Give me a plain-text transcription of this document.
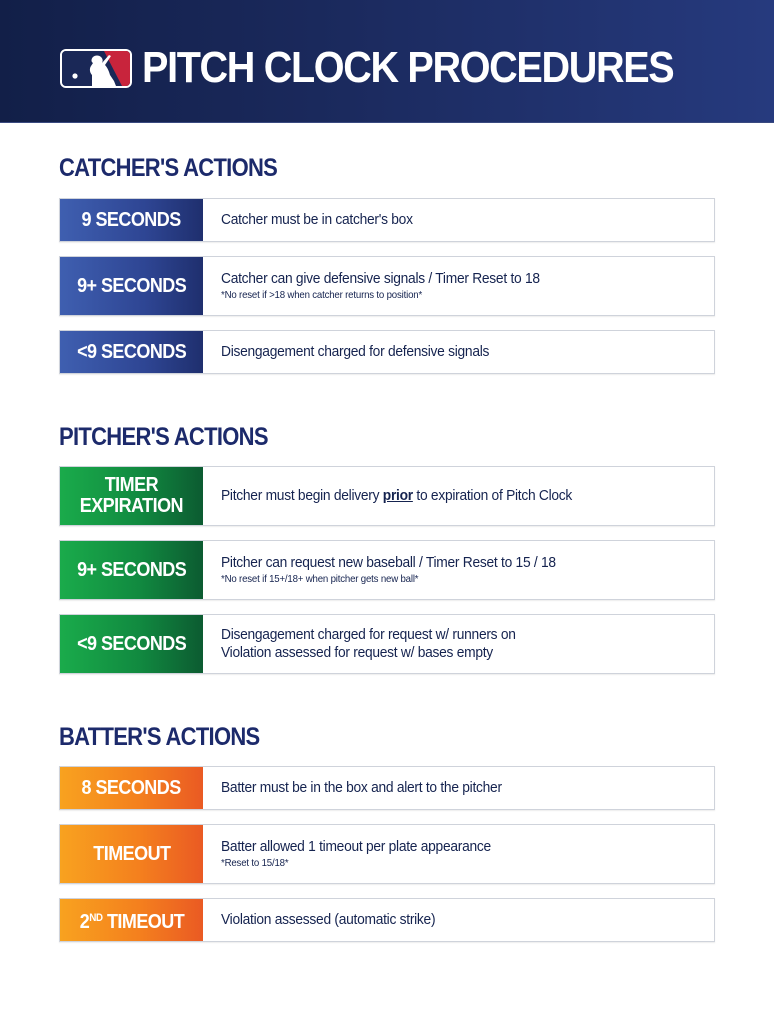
PITCH CLOCK PROCEDURES
CATCHER'S ACTIONS
9 SECONDS	Catcher must be in catcher's box
9+ SECONDS Catcher can give defensive signals / Timer Reset to 18
*No reset if >18 when catcher returns to position*
<9 SECONDS Disengagement charged for defensive signals
PITCHER'S ACTIONS
TIMER
EXPIRATION	Pitcher must begin delivery prior to expiration of Pitch Clock
9+ SECONDS Pitcher can request new baseball / Timer Reset to 15 / 18
*No reset if 15+/18+ when pitcher gets new ball*
<9 SECONDS Disengagement charged for request w/ runners on
Violation assessed for request w/ bases empty
BATTER'S ACTIONS
8 SECONDS	Batter must be in the box and alert to the pitcher
TIMEOUT	Batter allowed 1 timeout per plate appearance
*Reset to 15/18*
2ND TIMEOUT Violation assessed (automatic strike)
